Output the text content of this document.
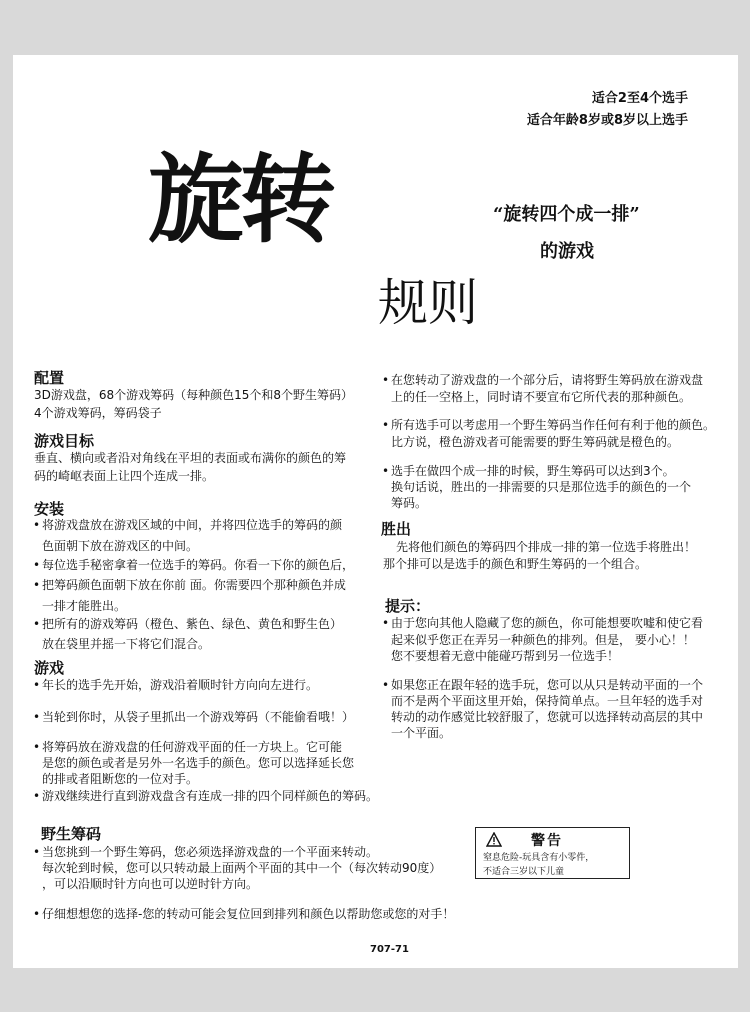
适合2至4个选手
适合年龄8岁或8岁以上选手
旋转
规则
“旋转四个成一排”
的游戏
配置
3D游戏盘，68个游戏筹码（每种颜色15个和8个野生筹码）
4个游戏筹码，筹码袋子
游戏目标
垂直、横向或者沿对角线在平坦的表面或布满你的颜色的筹
码的崎岖表面上让四个连成一排。
安装
• 将游戏盘放在游戏区域的中间，并将四位选手的筹码的颜
色面朝下放在游戏区的中间。
• 每位选手秘密拿着一位选手的筹码。你看一下你的颜色后，
• 把筹码颜色面朝下放在你前 面。你需要四个那种颜色并成
一排才能胜出。
• 把所有的游戏筹码（橙色、紫色、绿色、黄色和野生色）
放在袋里并摇一下将它们混合。
游戏
• 年长的选手先开始，游戏沿着顺时针方向向左进行。
• 当轮到你时，从袋子里抓出一个游戏筹码（不能偷看哦！）
• 将筹码放在游戏盘的任何游戏平面的任一方块上。它可能
是您的颜色或者是另外一名选手的颜色。您可以选择延长您
的排或者阻断您的一位对手。
• 游戏继续进行直到游戏盘含有连成一排的四个同样颜色的筹码。
• 在您转动了游戏盘的一个部分后，请将野生筹码放在游戏盘
上的任一空格上，同时请不要宣布它所代表的那种颜色。
• 所有选手可以考虑用一个野生筹码当作任何有利于他的颜色。
比方说，橙色游戏者可能需要的野生筹码就是橙色的。
• 选手在做四个成一排的时候，野生筹码可以达到3个。
换句话说，胜出的一排需要的只是那位选手的颜色的一个
筹码。
胜出
先将他们颜色的筹码四个排成一排的第一位选手将胜出！
那个排可以是选手的颜色和野生筹码的一个组合。
提示：
• 由于您向其他人隐藏了您的颜色，你可能想要吹嘘和使它看
起来似乎您正在弄另一种颜色的排列。但是， 要小心！！
您不要想着无意中能碰巧帮到另一位选手！
• 如果您正在跟年轻的选手玩，您可以从只是转动平面的一个
而不是两个平面这里开始，保持简单点。一旦年轻的选手对
转动的动作感觉比较舒服了，您就可以选择转动高层的其中
一个平面。
野生筹码
• 当您挑到一个野生筹码，您必须选择游戏盘的一个平面来转动。
每次轮到时候，您可以只转动最上面两个平面的其中一个（每次转动90度）
，可以沿顺时针方向也可以逆时针方向。
• 仔细想想您的选择-您的转动可能会复位回到排列和颜色以帮助您或您的对手！
警告
窒息危险-玩具含有小零件，
不适合三岁以下儿童
707-71
